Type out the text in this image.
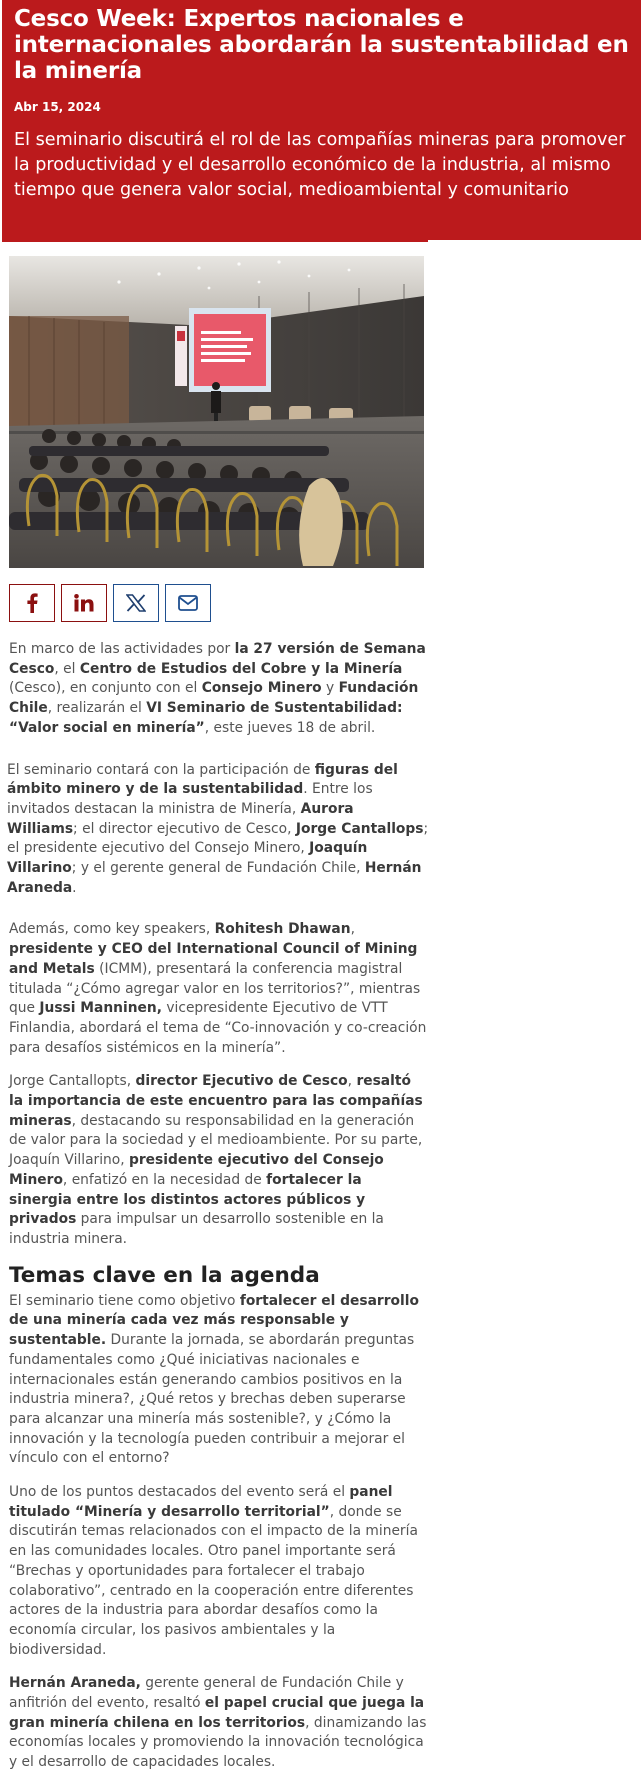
Cesco Week: Expertos nacionales e internacionales abordarán la sustentabilidad en la minería
Abr 15, 2024

El seminario discutirá el rol de las compañías mineras para promover la productividad y el desarrollo económico de la industria, al mismo tiempo que genera valor social, medioambiental y comunitario

En marco de las actividades por la 27 versión de Semana Cesco, el Centro de Estudios del Cobre y la Minería (Cesco), en conjunto con el Consejo Minero y Fundación Chile, realizarán el VI Seminario de Sustentabilidad: “Valor social en minería”, este jueves 18 de abril.

El seminario contará con la participación de figuras del ámbito minero y de la sustentabilidad. Entre los invitados destacan la ministra de Minería, Aurora Williams; el director ejecutivo de Cesco, Jorge Cantallops; el presidente ejecutivo del Consejo Minero, Joaquín Villarino; y el gerente general de Fundación Chile, Hernán Araneda.

Además, como key speakers, Rohitesh Dhawan, presidente y CEO del International Council of Mining and Metals (ICMM), presentará la conferencia magistral titulada “¿Cómo agregar valor en los territorios?”, mientras que Jussi Manninen, vicepresidente Ejecutivo de VTT Finlandia, abordará el tema de “Co-innovación y co-creación para desafíos sistémicos en la minería”.

Jorge Cantallopts, director Ejecutivo de Cesco, resaltó la importancia de este encuentro para las compañías mineras, destacando su responsabilidad en la generación de valor para la sociedad y el medioambiente. Por su parte, Joaquín Villarino, presidente ejecutivo del Consejo Minero, enfatizó en la necesidad de fortalecer la sinergia entre los distintos actores públicos y privados para impulsar un desarrollo sostenible en la industria minera.

Temas clave en la agenda

El seminario tiene como objetivo fortalecer el desarrollo de una minería cada vez más responsable y sustentable. Durante la jornada, se abordarán preguntas fundamentales como ¿Qué iniciativas nacionales e internacionales están generando cambios positivos en la industria minera?, ¿Qué retos y brechas deben superarse para alcanzar una minería más sostenible?, y ¿Cómo la innovación y la tecnología pueden contribuir a mejorar el vínculo con el entorno?

Uno de los puntos destacados del evento será el panel titulado “Minería y desarrollo territorial”, donde se discutirán temas relacionados con el impacto de la minería en las comunidades locales. Otro panel importante será “Brechas y oportunidades para fortalecer el trabajo colaborativo”, centrado en la cooperación entre diferentes actores de la industria para abordar desafíos como la economía circular, los pasivos ambientales y la biodiversidad.

Hernán Araneda, gerente general de Fundación Chile y anfitrión del evento, resaltó el papel crucial que juega la gran minería chilena en los territorios, dinamizando las economías locales y promoviendo la innovación tecnológica y el desarrollo de capacidades locales.
